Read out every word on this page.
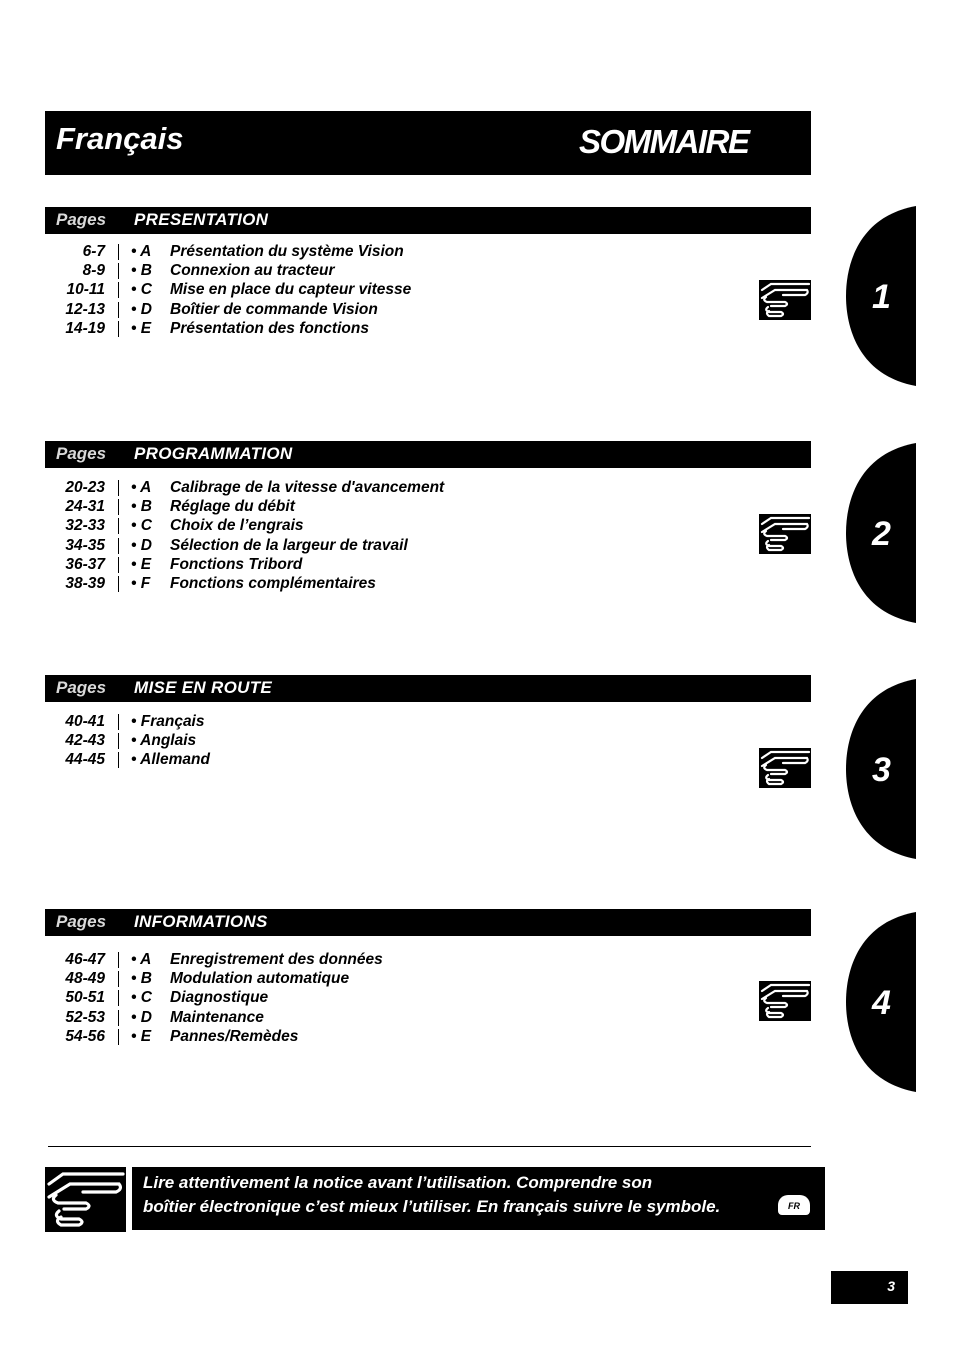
Français	SOMMAIRE
Pages PRESENTATION
6-7 • A Présentation du système Vision
8-9 • B Connexion au tracteur
10-11 • C Mise en place du capteur vitesse
12-13 • D Boîtier de commande Vision
14-19 • E Présentation des fonctions
1
Pages PROGRAMMATION
20-23 • A Calibrage de la vitesse d'avancement
24-31 • B Réglage du débit
32-33 • C Choix de l’engrais
34-35 • D Sélection de la largeur de travail
36-37 • E Fonctions Tribord
38-39 • F Fonctions complémentaires
2
Pages MISE EN ROUTE
40-41 • Français
42-43 • Anglais
44-45 • Allemand	3
Pages INFORMATIONS
46-47 • A Enregistrement des données
48-49 • B Modulation automatique
50-51 • C Diagnostique
52-53 • D Maintenance
54-56 • E Pannes/Remèdes
4
Lire attentivement la notice avant l’utilisation. Comprendre son
boîtier électronique c’est mieux l’utiliser. En français suivre le symbole.	FR
3
